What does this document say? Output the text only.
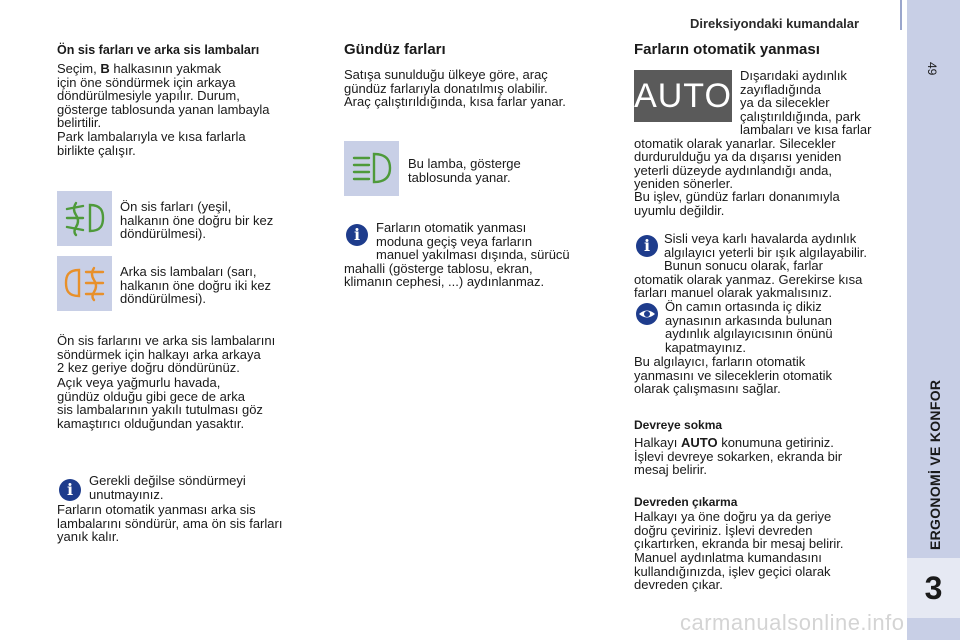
Direksiyondaki kumandalar
49
ERGONOMİ VE KONFOR
3
Ön sis farları ve arka sis lambaları
Seçim, B halkasının yakmak
için öne söndürmek için arkaya
döndürülmesiyle yapılır. Durum,
gösterge tablosunda yanan lambayla
belirtilir.
Park lambalarıyla ve kısa farlarla
birlikte çalışır.
Ön sis farları (yeşil,
halkanın öne doğru bir kez
döndürülmesi).
Arka sis lambaları (sarı,
halkanın öne doğru iki kez
döndürülmesi).
Ön sis farlarını ve arka sis lambalarını
söndürmek için halkayı arka arkaya
2 kez geriye doğru döndürünüz.
Açık veya yağmurlu havada,
gündüz olduğu gibi gece de arka
sis lambalarının yakılı tutulması göz
kamaştırıcı olduğundan yasaktır.
i	Gerekli değilse söndürmeyi
unutmayınız.
Farların otomatik yanması arka sis
lambalarını söndürür, ama ön sis farları
yanık kalır.
Gündüz farları
Satışa sunulduğu ülkeye göre, araç
gündüz farlarıyla donatılmış olabilir.
Araç çalıştırıldığında, kısa farlar yanar.
Bu lamba, gösterge
tablosunda yanar.
i	Farların otomatik yanması
moduna geçiş veya farların
manuel yakılması dışında, sürücü
mahalli (gösterge tablosu, ekran,
klimanın cephesi, ...) aydınlanmaz.
Farların otomatik yanması
AUTO
Dışarıdaki aydınlık
zayıfladığında
ya da silecekler
çalıştırıldığında, park
lambaları ve kısa farlar
otomatik olarak yanarlar. Silecekler
durdurulduğu ya da dışarısı yeniden
yeterli düzeyde aydınlandığı anda,
yeniden sönerler.
Bu işlev, gündüz farları donanımıyla
uyumlu değildir.
i	Sisli veya karlı havalarda aydınlık
algılayıcı yeterli bir ışık algılayabilir.
Bunun sonucu olarak, farlar
otomatik olarak yanmaz. Gerekirse kısa
farları manuel olarak yakmalısınız.
Ön camın ortasında iç dikiz
aynasının arkasında bulunan
aydınlık algılayıcısının önünü
kapatmayınız.
Bu algılayıcı, farların otomatik
yanmasını ve sileceklerin otomatik
olarak çalışmasını sağlar.
Devreye sokma
Halkayı AUTO konumuna getiriniz.
İşlevi devreye sokarken, ekranda bir
mesaj belirir.
Devreden çıkarma
Halkayı ya öne doğru ya da geriye
doğru çeviriniz. İşlevi devreden
çıkartırken, ekranda bir mesaj belirir.
Manuel aydınlatma kumandasını
kullandığınızda, işlev geçici olarak
devreden çıkar.
carmanualsonline.info
